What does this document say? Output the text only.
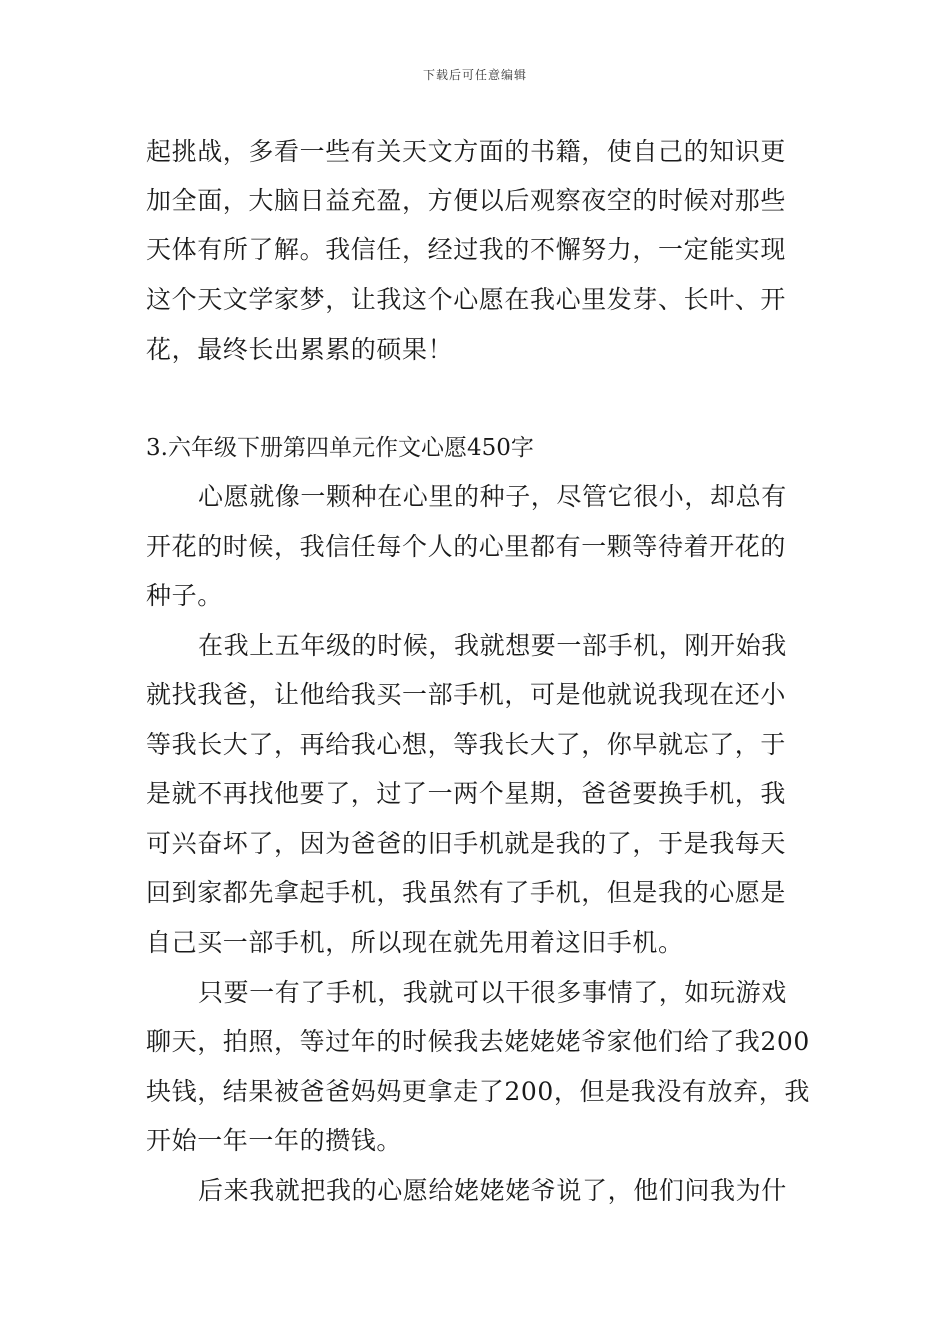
下载后可任意编辑
起挑战，多看一些有关天文方面的书籍，使自己的知识更
加全面，大脑日益充盈，方便以后观察夜空的时候对那些
天体有所了解。我信任，经过我的不懈努力，一定能实现
这个天文学家梦，让我这个心愿在我心里发芽、长叶、开
花，最终长出累累的硕果！
3.六年级下册第四单元作文心愿450字
心愿就像一颗种在心里的种子，尽管它很小，却总有
开花的时候，我信任每个人的心里都有一颗等待着开花的
种子。
在我上五年级的时候，我就想要一部手机，刚开始我
就找我爸，让他给我买一部手机，可是他就说我现在还小
等我长大了，再给我心想，等我长大了，你早就忘了，于
是就不再找他要了，过了一两个星期，爸爸要换手机，我
可兴奋坏了，因为爸爸的旧手机就是我的了，于是我每天
回到家都先拿起手机，我虽然有了手机，但是我的心愿是
自己买一部手机，所以现在就先用着这旧手机。
只要一有了手机，我就可以干很多事情了，如玩游戏
聊天，拍照，等过年的时候我去姥姥姥爷家他们给了我200
块钱，结果被爸爸妈妈更拿走了200，但是我没有放弃，我
开始一年一年的攒钱。
后来我就把我的心愿给姥姥姥爷说了，他们问我为什
